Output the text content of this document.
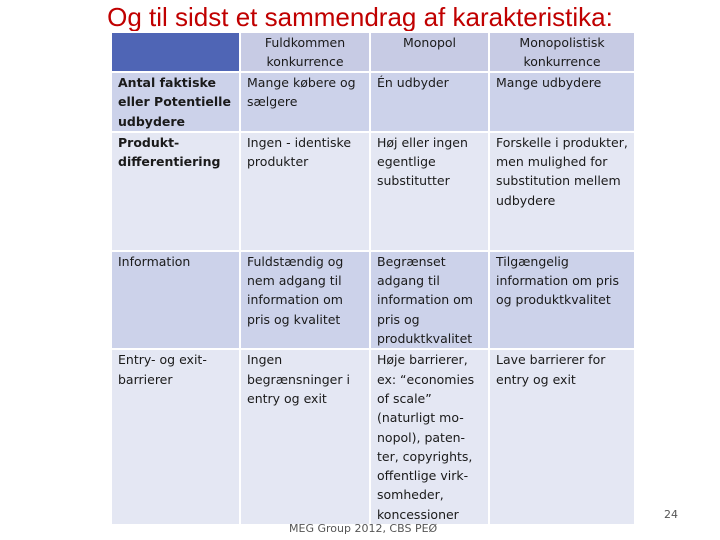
Og til sidst et sammendrag af karakteristika:
	Fuldkommen konkurrence	Monopol	Monopolistisk konkurrence
Antal faktiske eller Potentielle udbydere	Mange købere og sælgere	Én udbyder	Mange udbydere
Produkt-differentiering	Ingen - identiske produkter	Høj eller ingen egentlige substitutter	Forskelle i produkter, men mulighed for substitution mellem udbydere
Information	Fuldstændig og nem adgang til information om pris og kvalitet	Begrænset adgang til information om pris og produktkvalitet	Tilgængelig information om pris og produktkvalitet
Entry- og exit-barrierer	Ingen begrænsninger i entry og exit	Høje barrierer, ex: “economies of scale” (naturligt mo-nopol), paten-ter, copyrights, offentlige virk-somheder, koncessioner	Lave barrierer for entry og exit
MEG Group 2012, CBS PEØ
24
